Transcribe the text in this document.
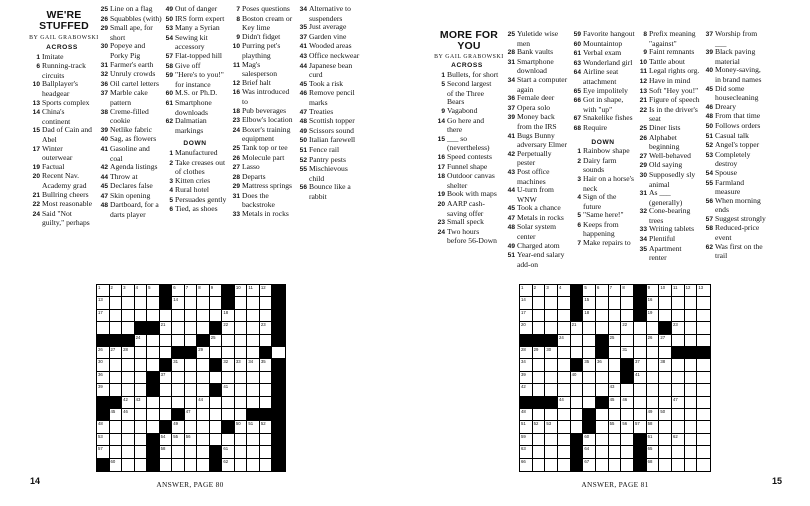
WE'RE
STUFFED
BY GAIL GRABOWSKI
ACROSS
1 Imitate
6 Running-track circuits
10 Ballplayer's headgear
13 Sports complex
14 China's continent
15 Dad of Cain and Abel
17 Winter outerwear
19 Factual
20 Recent Nav. Academy grad
21 Bullring cheers
22 Most reasonable
24 Said "Not guilty," perhaps
25 Line on a flag
26 Squabbles (with)
29 Small ape, for short
30 Popeye and Porky Pig
31 Farmer's earth
32 Unruly crowds
36 Oil cartel letters
37 Marble cake pattern
38 Creme-filled cookie
39 Netlike fabric
40 Sag, as flowers
41 Gasoline and coal
42 Agenda listings
44 Throw at
45 Declares false
47 Skin opening
48 Dartboard, for a darts player
49 Out of danger
50 IRS form expert
53 Many a Syrian
54 Sewing kit accessory
57 Flat-topped hill
58 Give off
59 "Here's to you!" for instance
60 M.S. or Ph.D.
61 Smartphone downloads
62 Dalmatian markings
DOWN
1 Manufactured
2 Take creases out of clothes
3 Kitten cries
4 Rural hotel
5 Persuades gently
6 Tied, as shoes
7 Poses questions
8 Boston cream or Key lime
9 Didn't fidget
10 Purring pet's plaything
11 Mag's salesperson
12 Brief halt
16 Was introduced to
18 Pub beverages
23 Elbow's location
24 Boxer's training equipment
25 Tank top or tee
26 Molecule part
27 Lasso
28 Departs
29 Mattress springs
31 Does the backstroke
33 Metals in rocks
34 Alternative to suspenders
35 Just average
37 Garden vine
41 Wooded areas
43 Office neckwear
44 Japanese bean curd
45 Took a risk
46 Remove pencil marks
47 Treaties
48 Scottish topper
49 Scissors sound
50 Italian farewell
51 Fence rail
52 Pantry pests
55 Mischievous child
56 Bounce like a rabbit
1 2 3 4 5	6 7 8 9	10 11 12
13	14
17	18
21	22	23
24	25
26 27 28	29
30	31	32 33 34 35
36	37
39	41
42 43	44
45 46	47
48	49	50 51 52
53	54 55 56
57	58	61
60	62
14	ANSWER, PAGE 80
MORE FOR
YOU
BY GAIL GRABOWSKI
ACROSS
1 Bullets, for short
5 Second largest of the Three Bears
9 Vagabond
14 Go here and there
15 ___ so (nevertheless)
16 Speed contests
17 Funnel shape
18 Outdoor canvas shelter
19 Book with maps
20 AARP cash-saving offer
23 Small speck
24 Two hours before 56-Down
25 Yuletide wise men
28 Bank vaults
31 Smartphone download
34 Start a computer again
36 Female deer
37 Opera solo
39 Money back from the IRS
41 Bugs Bunny adversary Elmer
42 Perpetually pester
43 Post office machines
44 U-turn from WNW
45 Took a chance
47 Metals in rocks
48 Solar system center
49 Charged atom
51 Year-end salary add-on
59 Favorite hangout
60 Mountaintop
61 Verbal exam
63 Wonderland girl
64 Airline seat attachment
65 Eye impolitely
66 Got in shape, with "up"
67 Snakelike fishes
68 Require
DOWN
1 Rainbow shape
2 Dairy farm sounds
3 Hair on a horse's neck
4 Sign of the future
5 "Same here!"
6 Keeps from happening
7 Make repairs to
8 Prefix meaning "against"
9 Faint remnants
10 Tattle about
11 Legal rights org.
12 Have in mind
13 Soft "Hey you!"
21 Figure of speech
22 Is in the driver's seat
25 Diner lists
26 Alphabet beginning
27 Well-behaved
29 Old saying
30 Supposedly sly animal
31 As ___ (generally)
32 Cone-bearing trees
33 Writing tablets
34 Plentiful
35 Apartment renter
37 Worship from ___
39 Black paving material
40 Money-saving, in brand names
45 Did some housecleaning
46 Dreary
48 From that time
50 Follows orders
51 Casual talk
52 Angel's topper
53 Completely destroy
54 Spouse
55 Farmland measure
56 When morning ends
57 Suggest strongly
58 Reduced-price event
62 Was first on the trail
1 2 3 4	5 6 7 8	9 10 11 12 13
14	15	16
17	18	19
20	21	22	23
24	25	26 27
28 29 30	31
34	35 36	37	38
39	40	41
42	43
44	45 46	47
48	49 50
51 52 53	55 56 57 58
59	60	61	62
63	64	65
66	67	68
15
ANSWER, PAGE 81
